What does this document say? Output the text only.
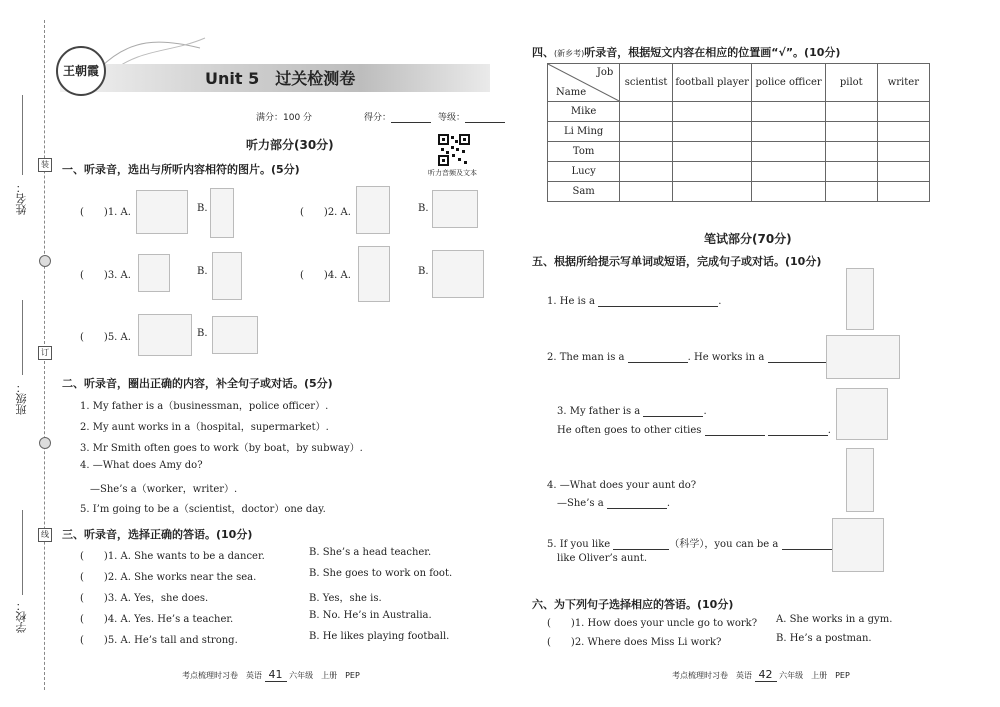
姓名：
班级：
学校：
装
订
线
王朝霞	Unit 5　过关检测卷
满分：100 分	得分：	等级：
听力音频及文本
听力部分(30分)
一、听录音，选出与所听内容相符的图片。(5分)
(　　)1. A.	B.	(　　)2. A.	B.
(　　)3. A.	B.	(　　)4. A.	B.
(　　)5. A.	B.
二、听录音，圈出正确的内容，补全句子或对话。(5分)
1. My father is a（businessman，police officer）.
2. My aunt works in a（hospital，supermarket）.
3. Mr Smith often goes to work（by boat，by subway）.
4. —What does Amy do?
—She’s a（worker，writer）.
5. I’m going to be a（scientist，doctor）one day.
三、听录音，选择正确的答语。(10分)
(　　)1. A. She wants to be a dancer.	B. She’s a head teacher.
(　　)2. A. She works near the sea.	B. She goes to work on foot.
(　　)3. A. Yes，she does.	B. Yes，she is.
(　　)4. A. Yes. He’s a teacher.	B. No. He’s in Australia.
(　　)5. A. He’s tall and strong.	B. He likes playing football.
考点梳理时习卷　英语 41 六年级　上册　PEP
四、(新乡考)听录音，根据短文内容在相应的位置画“√”。(10分)
Job
Name	scientist	football player	police officer	pilot	writer
Mike					
Li Ming					
Tom					
Lucy					
Sam					
笔试部分(70分)
五、根据所给提示写单词或短语，完成句子或对话。(10分)
1. He is a	.
2. The man is a	. He works in a
3. My father is a	.
He often goes to other cities	.
4. —What does your aunt do?
—She’s a	.
5. If you like	（科学），you can be a
like Oliver’s aunt.
六、为下列句子选择相应的答语。(10分)
(　　)1. How does your uncle go to work? A. She works in a gym.
(　　)2. Where does Miss Li work?	B. He’s a postman.
考点梳理时习卷　英语 42 六年级　上册　PEP
